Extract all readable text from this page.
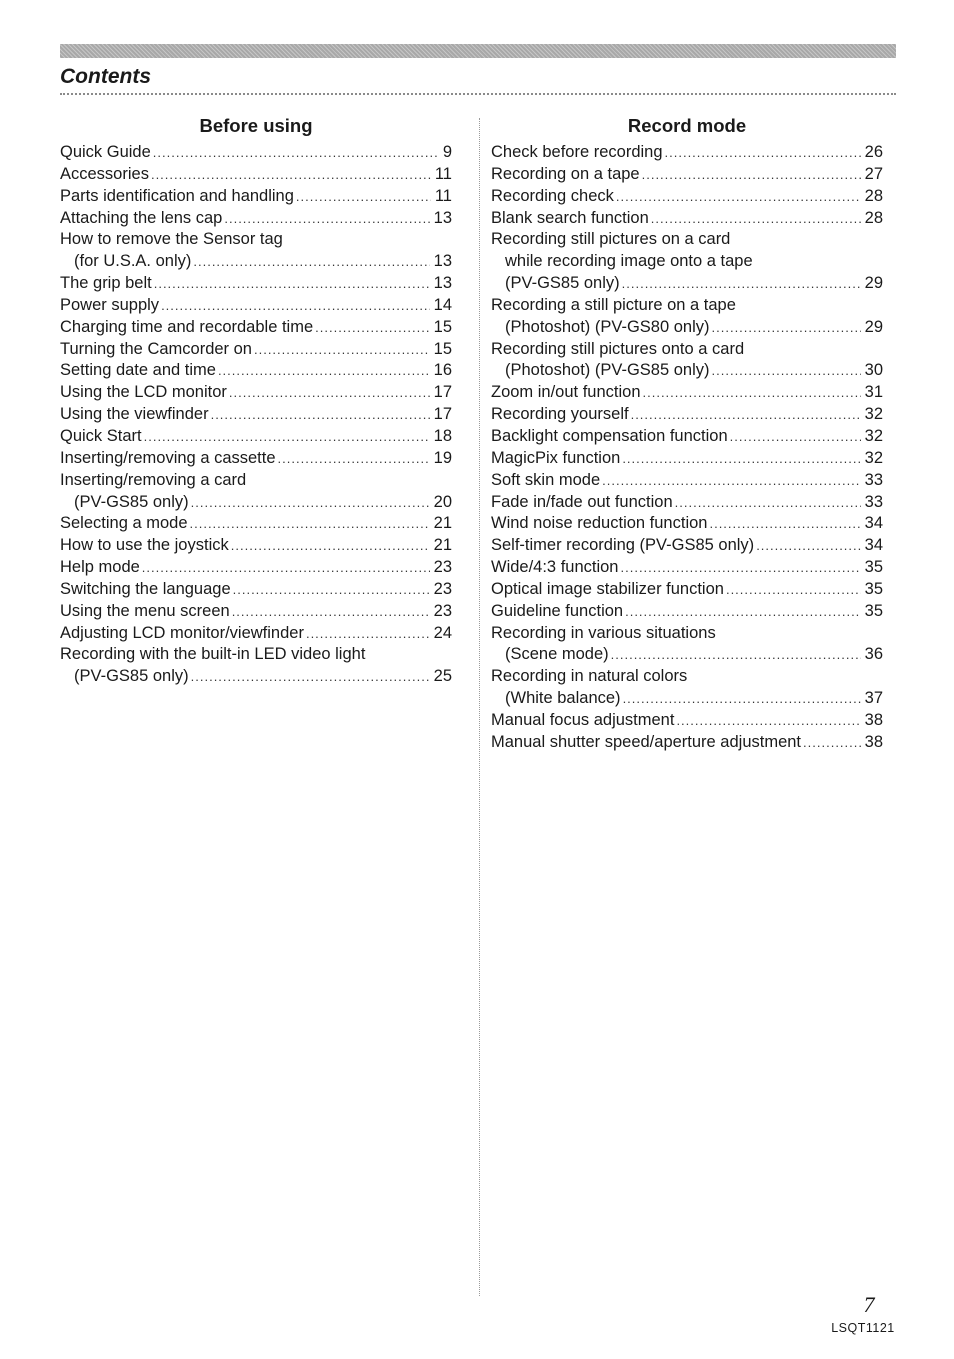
Contents
Before using
Quick Guide .....	9
Accessories .....	11
Parts identification and handling .....	11
Attaching the lens cap .....	13
How to remove the Sensor tag
(for U.S.A. only) .....	13
The grip belt .....	13
Power supply .....	14
Charging time and recordable time .....	15
Turning the Camcorder on .....	15
Setting date and time .....	16
Using the LCD monitor .....	17
Using the viewfinder .....	17
Quick Start .....	18
Inserting/removing a cassette .....	19
Inserting/removing a card
(PV-GS85 only) .....	20
Selecting a mode .....	21
How to use the joystick .....	21
Help mode .....	23
Switching the language .....	23
Using the menu screen .....	23
Adjusting LCD monitor/viewfinder .....	24
Recording with the built-in LED video light
(PV-GS85 only) .....	25
Record mode
Check before recording .....	26
Recording on a tape .....	27
Recording check .....	28
Blank search function .....	28
Recording still pictures on a card
while recording image onto a tape
(PV-GS85 only) .....	29
Recording a still picture on a tape
(Photoshot) (PV-GS80 only) .....	29
Recording still pictures onto a card
(Photoshot) (PV-GS85 only) .....	30
Zoom in/out function .....	31
Recording yourself .....	32
Backlight compensation function .....	32
MagicPix function .....	32
Soft skin mode .....	33
Fade in/fade out function .....	33
Wind noise reduction function .....	34
Self-timer recording (PV-GS85 only) .....	34
Wide/4:3 function .....	35
Optical image stabilizer function .....	35
Guideline function .....	35
Recording in various situations
(Scene mode) .....	36
Recording in natural colors
(White balance) .....	37
Manual focus adjustment .....	38
Manual shutter speed/aperture adjustment .....	38
7
LSQT1121
